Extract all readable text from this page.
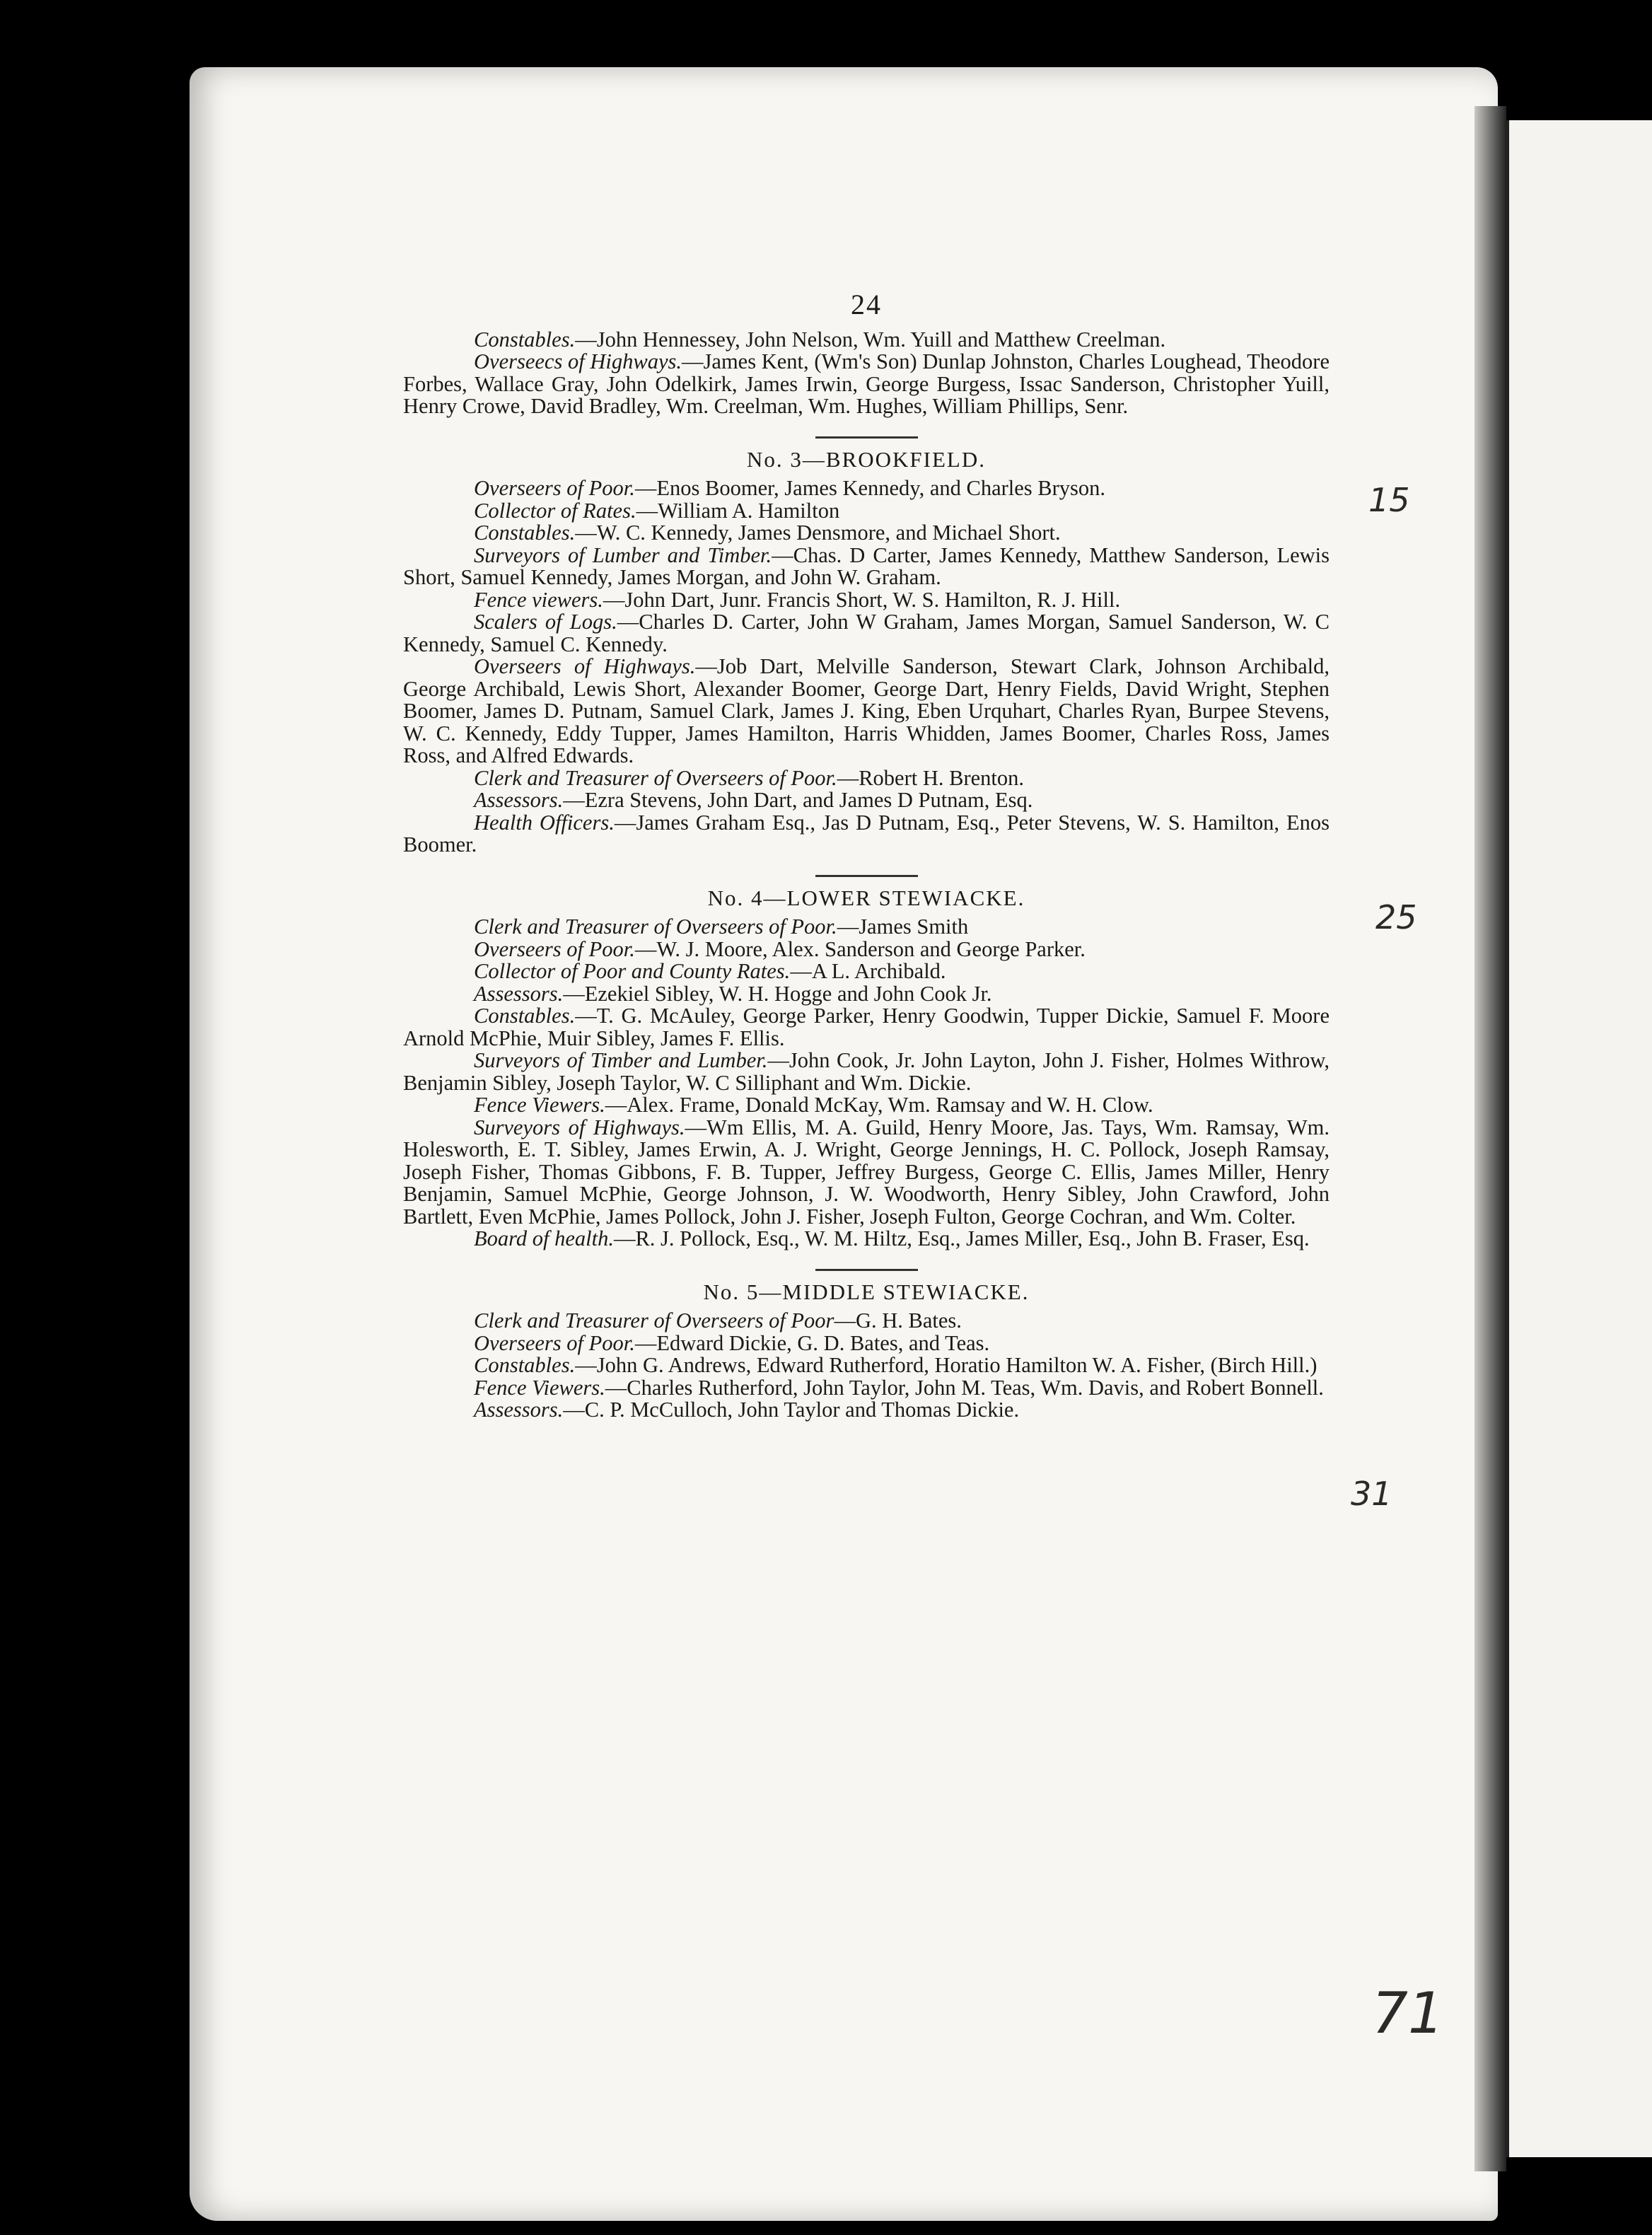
24

Constables.—John Hennessey, John Nelson, Wm. Yuill and Matthew Creelman.

Overseecs of Highways.—James Kent, (Wm's Son) Dunlap Johnston, Charles Loughead, Theodore Forbes, Wallace Gray, John Odelkirk, James Irwin, George Burgess, Issac Sanderson, Christopher Yuill, Henry Crowe, David Bradley, Wm. Creelman, Wm. Hughes, William Phillips, Senr.

No. 3—BROOKFIELD.

Overseers of Poor.—Enos Boomer, James Kennedy, and Charles Bryson.

Collector of Rates.—William A. Hamilton

Constables.—W. C. Kennedy, James Densmore, and Michael Short.

Surveyors of Lumber and Timber.—Chas. D Carter, James Kennedy, Matthew Sanderson, Lewis Short, Samuel Kennedy, James Morgan, and John W. Graham.

Fence viewers.—John Dart, Junr. Francis Short, W. S. Hamilton, R. J. Hill.

Scalers of Logs.—Charles D. Carter, John W Graham, James Morgan, Samuel Sanderson, W. C Kennedy, Samuel C. Kennedy.

Overseers of Highways.—Job Dart, Melville Sanderson, Stewart Clark, Johnson Archibald, George Archibald, Lewis Short, Alexander Boomer, George Dart, Henry Fields, David Wright, Stephen Boomer, James D. Putnam, Samuel Clark, James J. King, Eben Urquhart, Charles Ryan, Burpee Stevens, W. C. Kennedy, Eddy Tupper, James Hamilton, Harris Whidden, James Boomer, Charles Ross, James Ross, and Alfred Edwards.

Clerk and Treasurer of Overseers of Poor.—Robert H. Brenton.

Assessors.—Ezra Stevens, John Dart, and James D Putnam, Esq.

Health Officers.—James Graham Esq., Jas D Putnam, Esq., Peter Stevens, W. S. Hamilton, Enos Boomer.

No. 4—LOWER STEWIACKE.

Clerk and Treasurer of Overseers of Poor.—James Smith

Overseers of Poor.—W. J. Moore, Alex. Sanderson and George Parker.

Collector of Poor and County Rates.—A L. Archibald.

Assessors.—Ezekiel Sibley, W. H. Hogge and John Cook Jr.

Constables.—T. G. McAuley, George Parker, Henry Goodwin, Tupper Dickie, Samuel F. Moore Arnold McPhie, Muir Sibley, James F. Ellis.

Surveyors of Timber and Lumber.—John Cook, Jr. John Layton, John J. Fisher, Holmes Withrow, Benjamin Sibley, Joseph Taylor, W. C Silliphant and Wm. Dickie.

Fence Viewers.—Alex. Frame, Donald McKay, Wm. Ramsay and W. H. Clow.

Surveyors of Highways.—Wm Ellis, M. A. Guild, Henry Moore, Jas. Tays, Wm. Ramsay, Wm. Holesworth, E. T. Sibley, James Erwin, A. J. Wright, George Jennings, H. C. Pollock, Joseph Ramsay, Joseph Fisher, Thomas Gibbons, F. B. Tupper, Jeffrey Burgess, George C. Ellis, James Miller, Henry Benjamin, Samuel McPhie, George Johnson, J. W. Woodworth, Henry Sibley, John Crawford, John Bartlett, Even McPhie, James Pollock, John J. Fisher, Joseph Fulton, George Cochran, and Wm. Colter.

Board of health.—R. J. Pollock, Esq., W. M. Hiltz, Esq., James Miller, Esq., John B. Fraser, Esq.

No. 5—MIDDLE STEWIACKE.

Clerk and Treasurer of Overseers of Poor—G. H. Bates.

Overseers of Poor.—Edward Dickie, G. D. Bates, and Teas.

Constables.—John G. Andrews, Edward Rutherford, Horatio Hamilton W. A. Fisher, (Birch Hill.)

Fence Viewers.—Charles Rutherford, John Taylor, John M. Teas, Wm. Davis, and Robert Bonnell.

Assessors.—C. P. McCulloch, John Taylor and Thomas Dickie.

15
25
31
71
